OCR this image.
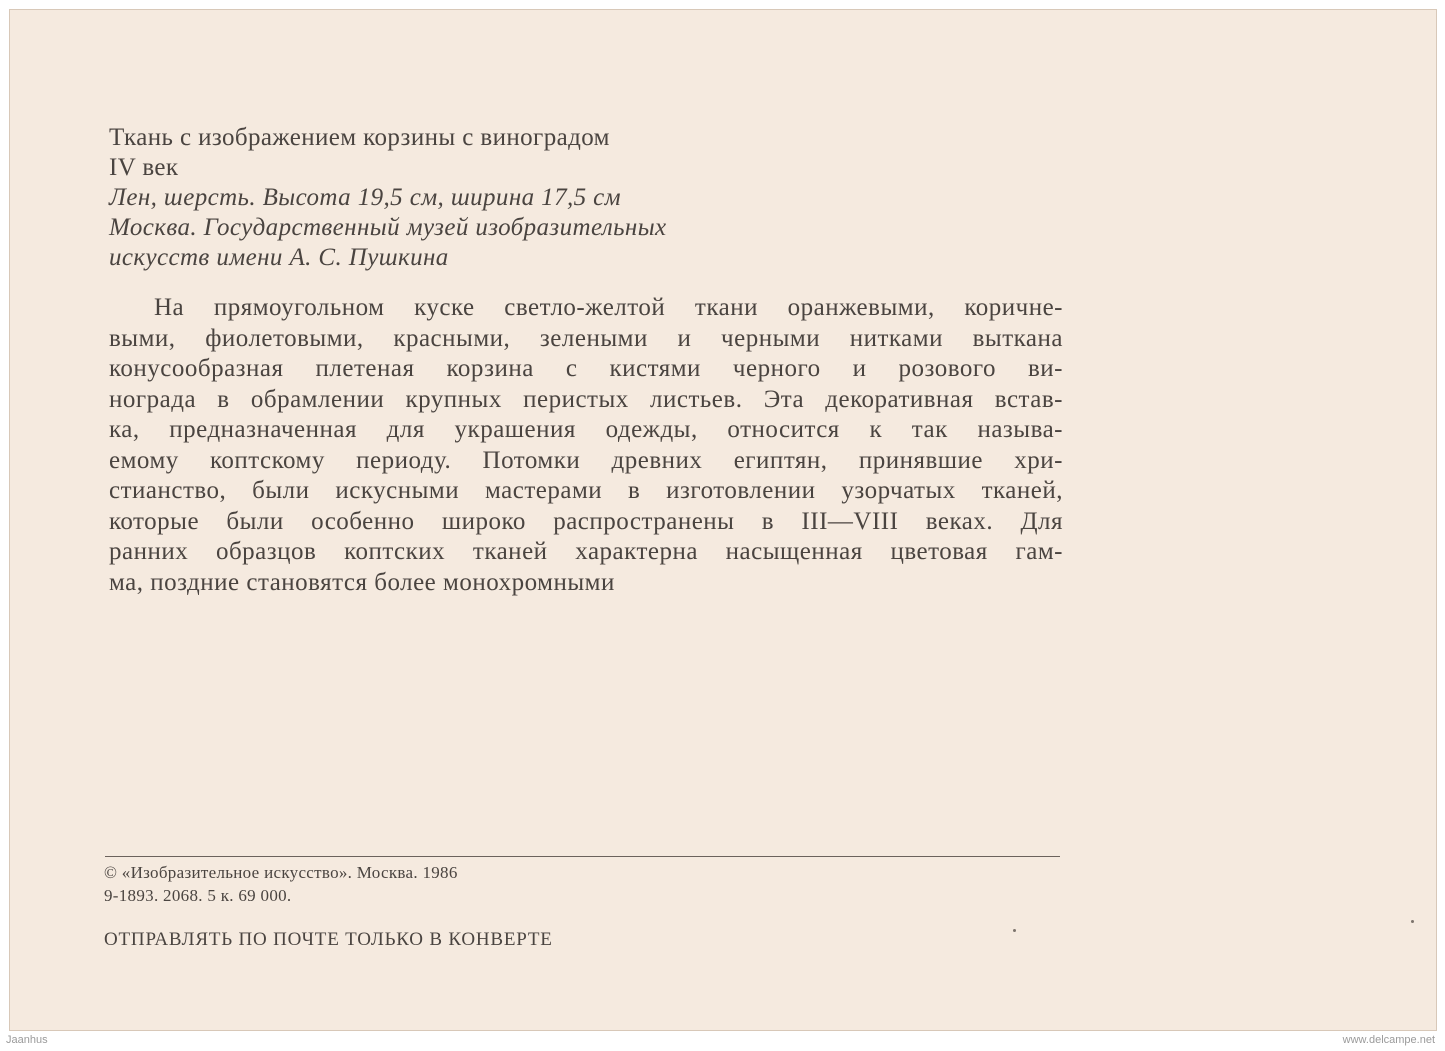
Ткань с изображением корзины с виноградом
IV век
Лен, шерсть. Высота 19,5 см, ширина 17,5 см
Москва. Государственный музей изобразительных
искусств имени А. С. Пушкина
На прямоугольном куске светло-желтой ткани оранжевыми, коричне-
выми, фиолетовыми, красными, зелеными и черными нитками выткана
конусообразная плетеная корзина с кистями черного и розового ви-
нограда в обрамлении крупных перистых листьев. Эта декоративная встав-
ка, предназначенная для украшения одежды, относится к так называ-
емому коптскому периоду. Потомки древних египтян, принявшие хри-
стианство, были искусными мастерами в изготовлении узорчатых тканей,
которые были особенно широко распространены в III—VIII веках. Для
ранних образцов коптских тканей характерна насыщенная цветовая гам-
ма, поздние становятся более монохромными
© «Изобразительное искусство». Москва. 1986
9-1893. 2068. 5 к. 69 000.
ОТПРАВЛЯТЬ ПО ПОЧТЕ ТОЛЬКО В КОНВЕРТЕ
Jaanhus	www.delcampe.net
